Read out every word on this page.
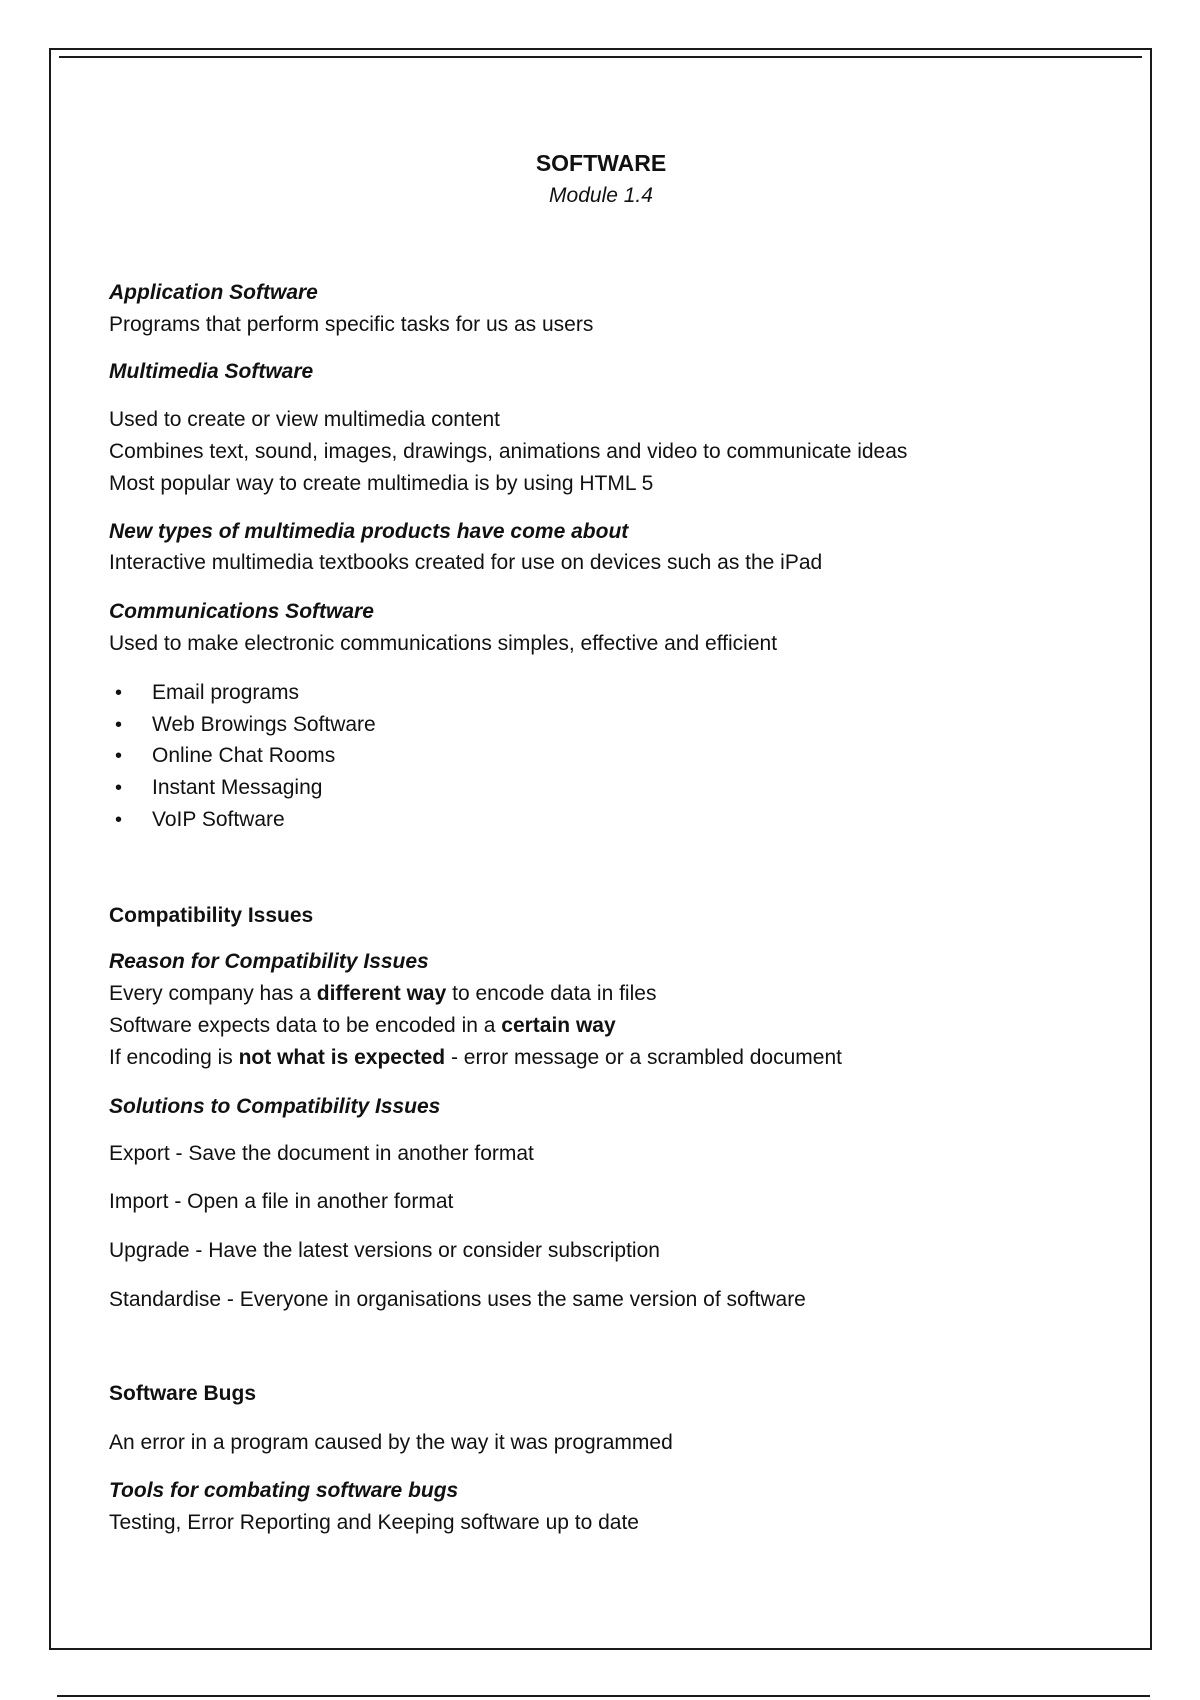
SOFTWARE
Module 1.4
Application Software
Programs that perform specific tasks for us as users
Multimedia Software
Used to create or view multimedia content
Combines text, sound, images, drawings, animations and video to communicate ideas
Most popular way to create multimedia is by using HTML 5
New types of multimedia products have come about
Interactive multimedia textbooks created for use on devices such as the iPad
Communications Software
Used to make electronic communications simples, effective and efficient
• Email programs
• Web Browings Software
• Online Chat Rooms
• Instant Messaging
• VoIP Software
Compatibility Issues
Reason for Compatibility Issues
Every company has a different way to encode data in files
Software expects data to be encoded in a certain way
If encoding is not what is expected - error message or a scrambled document
Solutions to Compatibility Issues
Export - Save the document in another format
Import - Open a file in another format
Upgrade - Have the latest versions or consider subscription
Standardise - Everyone in organisations uses the same version of software
Software Bugs
An error in a program caused by the way it was programmed
Tools for combating software bugs
Testing, Error Reporting and Keeping software up to date
